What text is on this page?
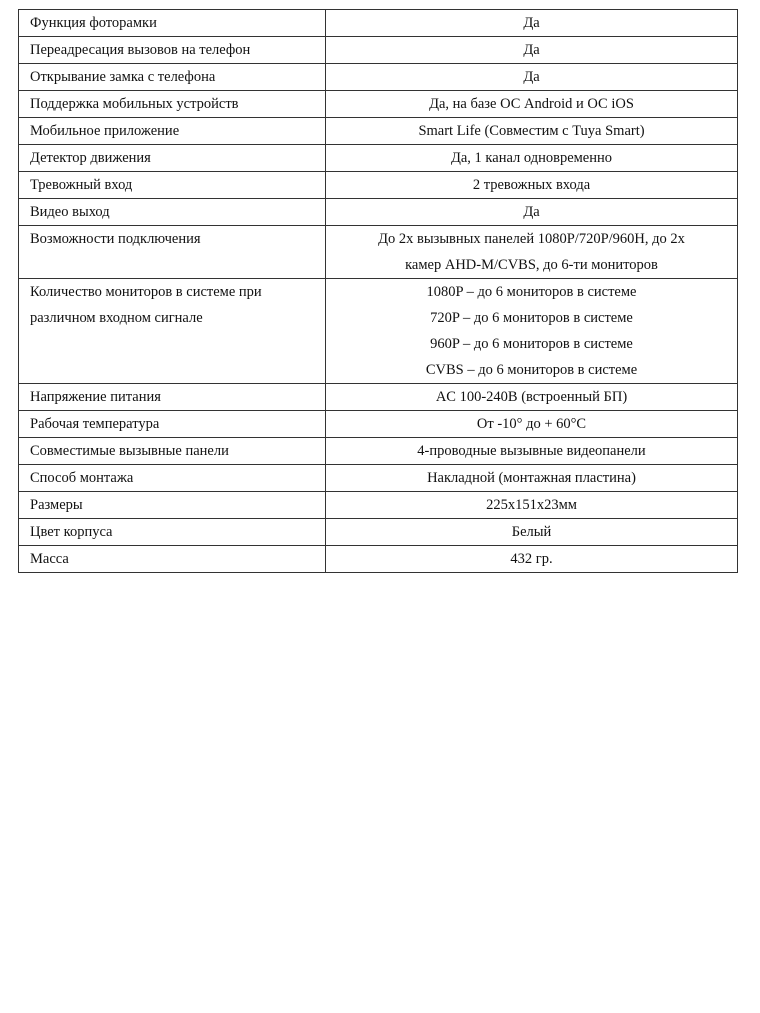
Функция фоторамки	Да

Переадресация вызовов на телефон	Да

Открывание замка с телефона	Да

Поддержка мобильных устройств	Да, на базе ОС Android и ОС iOS

Мобильное приложение	Smart Life (Совместим с Tuya Smart)

Детектор движения	Да, 1 канал одновременно

Тревожный вход	2 тревожных входа

Видео выход	Да

Возможности подключения	До 2х вызывных панелей 1080P/720P/960H, до 2х
камер AHD-M/CVBS, до 6-ти мониторов

Количество мониторов в системе при различном входном сигнале	1080P – до 6 мониторов в системе
720P – до 6 мониторов в системе
960P – до 6 мониторов в системе
CVBS – до 6 мониторов в системе

Напряжение питания	AC 100-240В (встроенный БП)

Рабочая температура	От -10° до + 60°С

Совместимые вызывные панели	4-проводные вызывные видеопанели

Способ монтажа	Накладной (монтажная пластина)

Размеры	225x151x23мм

Цвет корпуса	Белый

Масса	432 гр.
